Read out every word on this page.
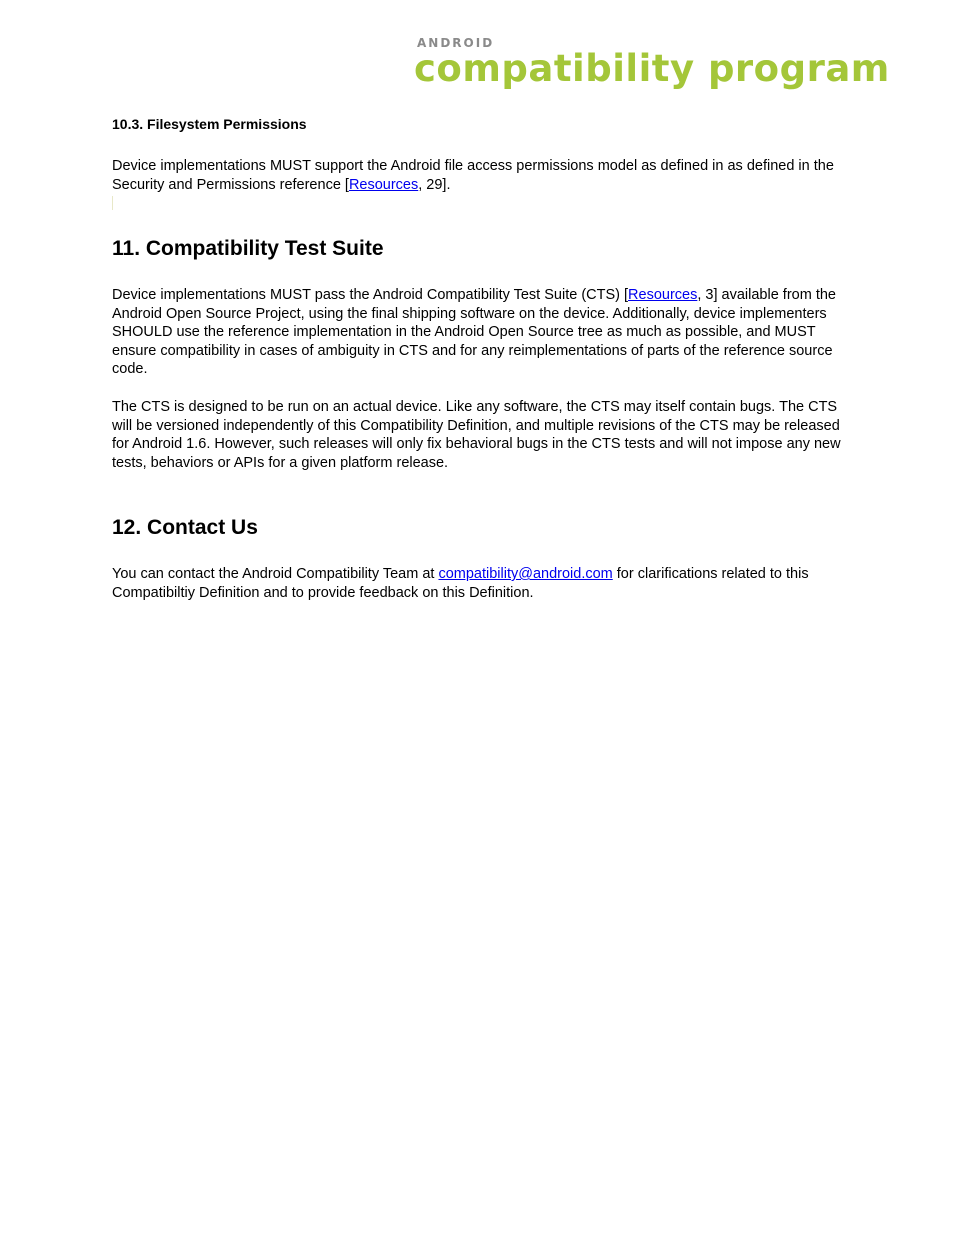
ANDROID
compatibility program
10.3. Filesystem Permissions
Device implementations MUST support the Android file access permissions model as defined in as defined in the Security and Permissions reference [Resources, 29].
11. Compatibility Test Suite
Device implementations MUST pass the Android Compatibility Test Suite (CTS) [Resources, 3] available from the Android Open Source Project, using the final shipping software on the device. Additionally, device implementers SHOULD use the reference implementation in the Android Open Source tree as much as possible, and MUST ensure compatibility in cases of ambiguity in CTS and for any reimplementations of parts of the reference source code.
The CTS is designed to be run on an actual device. Like any software, the CTS may itself contain bugs. The CTS will be versioned independently of this Compatibility Definition, and multiple revisions of the CTS may be released for Android 1.6. However, such releases will only fix behavioral bugs in the CTS tests and will not impose any new tests, behaviors or APIs for a given platform release.
12. Contact Us
You can contact the Android Compatibility Team at compatibility@android.com for clarifications related to this Compatibiltiy Definition and to provide feedback on this Definition.
